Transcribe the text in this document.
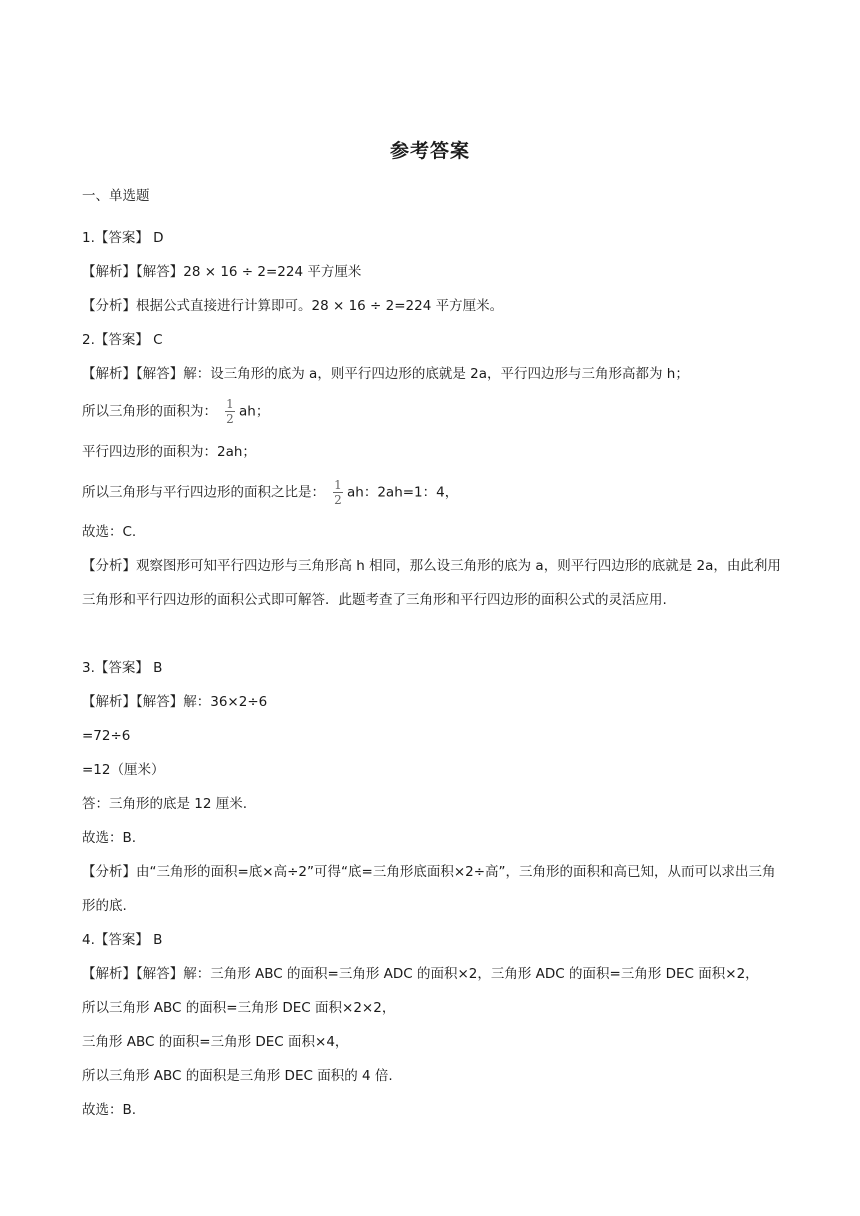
参考答案
一、单选题
1.【答案】 D
【解析】【解答】28 × 16 ÷ 2=224 平方厘米
【分析】根据公式直接进行计算即可。28 × 16 ÷ 2=224 平方厘米。
2.【答案】 C
【解析】【解答】解：设三角形的底为 a，则平行四边形的底就是 2a，平行四边形与三角形高都为 h；
所以三角形的面积为： $\frac{1}{2}$ ah；
平行四边形的面积为：2ah；
所以三角形与平行四边形的面积之比是： $\frac{1}{2}$ ah：2ah=1：4，
故选：C.
【分析】观察图形可知平行四边形与三角形高 h 相同，那么设三角形的底为 a，则平行四边形的底就是 2a，由此利用三角形和平行四边形的面积公式即可解答．此题考查了三角形和平行四边形的面积公式的灵活应用.
3.【答案】 B
【解析】【解答】解：36×2÷6
=72÷6
=12（厘米）
答：三角形的底是 12 厘米.
故选：B.
【分析】由“三角形的面积=底×高÷2”可得“底=三角形底面积×2÷高”，三角形的面积和高已知，从而可以求出三角形的底.
4.【答案】 B
【解析】【解答】解：三角形 ABC 的面积=三角形 ADC 的面积×2，三角形 ADC 的面积=三角形 DEC 面积×2，
所以三角形 ABC 的面积=三角形 DEC 面积×2×2，
三角形 ABC 的面积=三角形 DEC 面积×4，
所以三角形 ABC 的面积是三角形 DEC 面积的 4 倍.
故选：B.
